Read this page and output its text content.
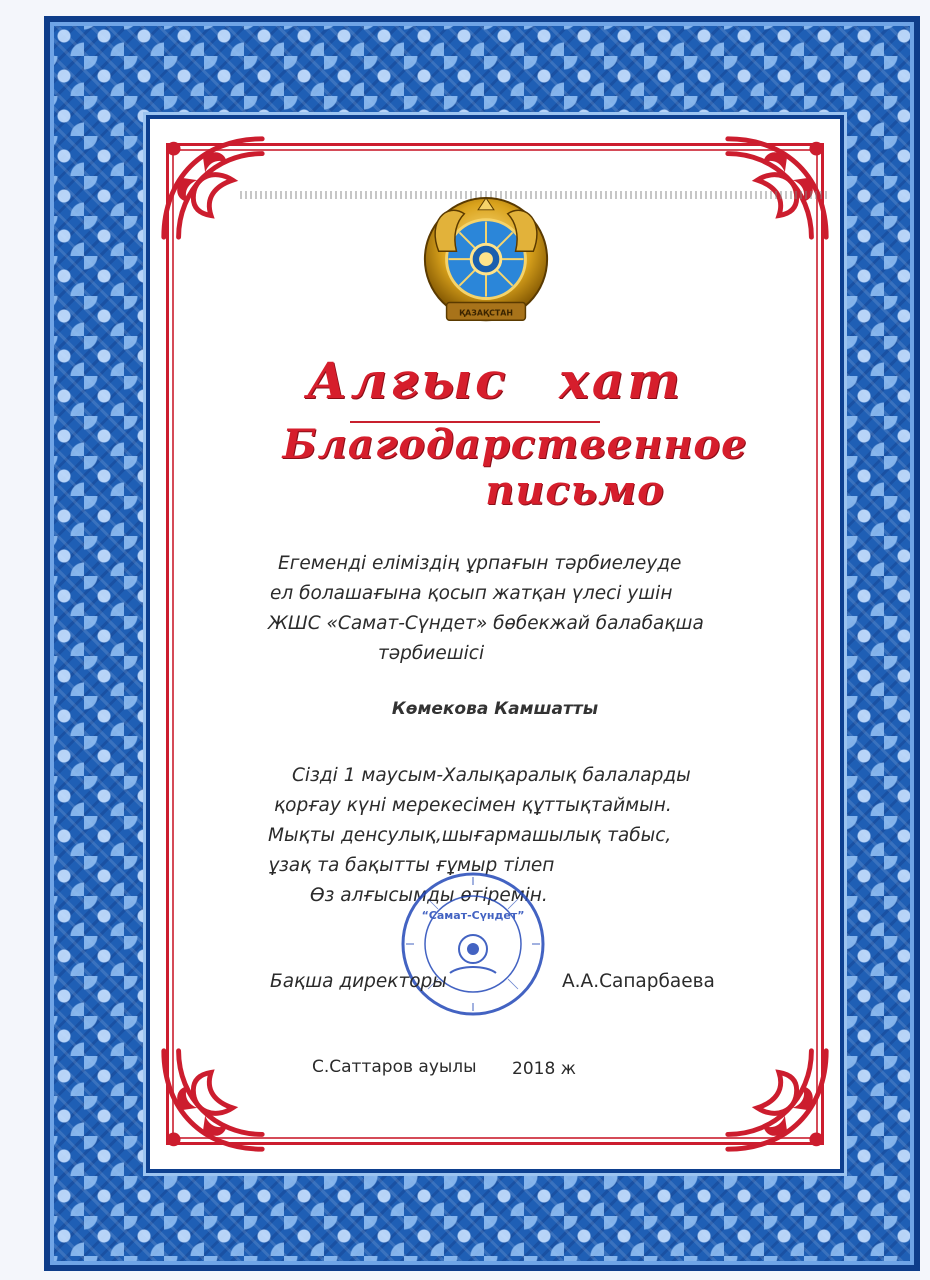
ҚАЗАҚСТАН
Алғыс хат
Благодарственное
письмо
Егеменді еліміздің ұрпағын тәрбиелеуде
ел болашағына қосып жатқан үлесі ушін
ЖШС «Самат-Сүндет» бөбекжай балабақша
тәрбиешісі
Көмекова Камшатты
Сізді 1 маусым-Халықаралық балаларды
қорғау күні мерекесімен құттықтаймын.
Мықты денсулық,шығармашылық табыс,
ұзақ та бақытты ғұмыр тілеп
Өз алғысымды өтіремін.
“Самат-Сүндет”
Бақша директоры	А.А.Сапарбаева
С.Саттаров ауылы 2018 ж
